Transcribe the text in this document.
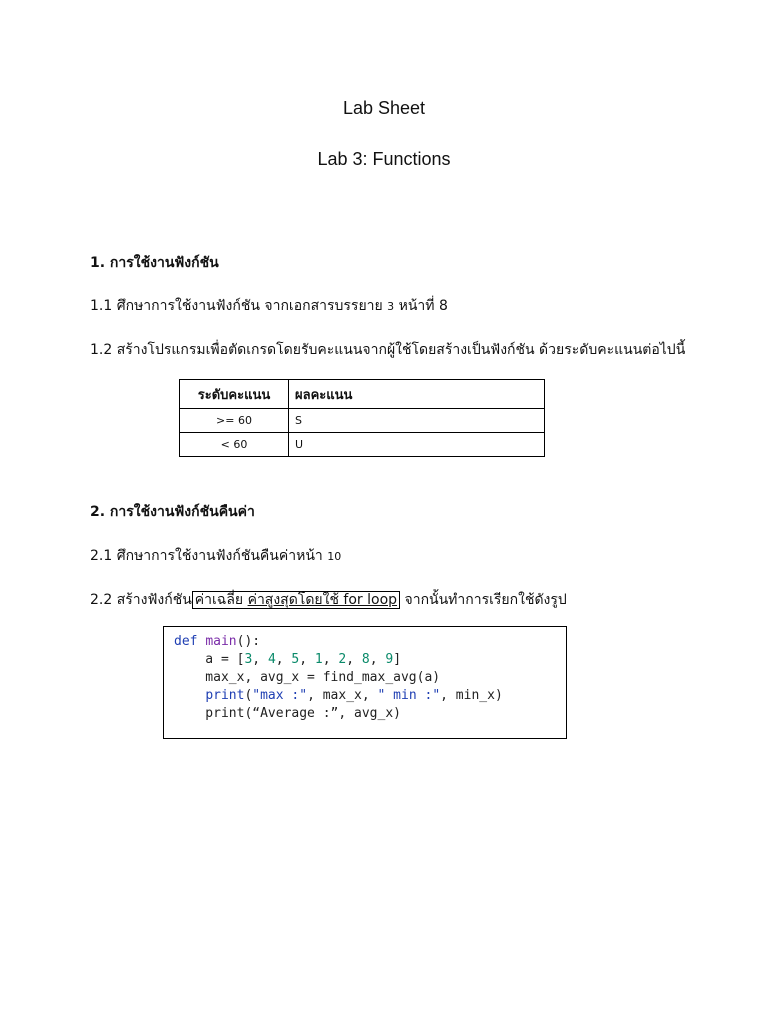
Lab Sheet
Lab 3: Functions
1. การใช้งานฟังก์ชัน
1.1 ศึกษาการใช้งานฟังก์ชัน จากเอกสารบรรยาย 3 หน้าที่ 8
1.2 สร้างโปรแกรมเพื่อตัดเกรดโดยรับคะแนนจากผู้ใช้โดยสร้างเป็นฟังก์ชัน ด้วยระดับคะแนนต่อไปนี้
ระดับคะแนน	ผลคะแนน
>= 60	S
< 60	U
2. การใช้งานฟังก์ชันคืนค่า
2.1 ศึกษาการใช้งานฟังก์ชันคืนค่าหน้า 10
2.2 สร้างฟังก์ชัน ค่าเฉลี่ย ค่าสูงสุดโดยใช้ for loop จากนั้นทำการเรียกใช้ดังรูป
def main():
a = [3, 4, 5, 1, 2, 8, 9]
max_x, avg_x = find_max_avg(a)
print("max :", max_x, " min :", min_x)
print(“Average :”, avg_x)
